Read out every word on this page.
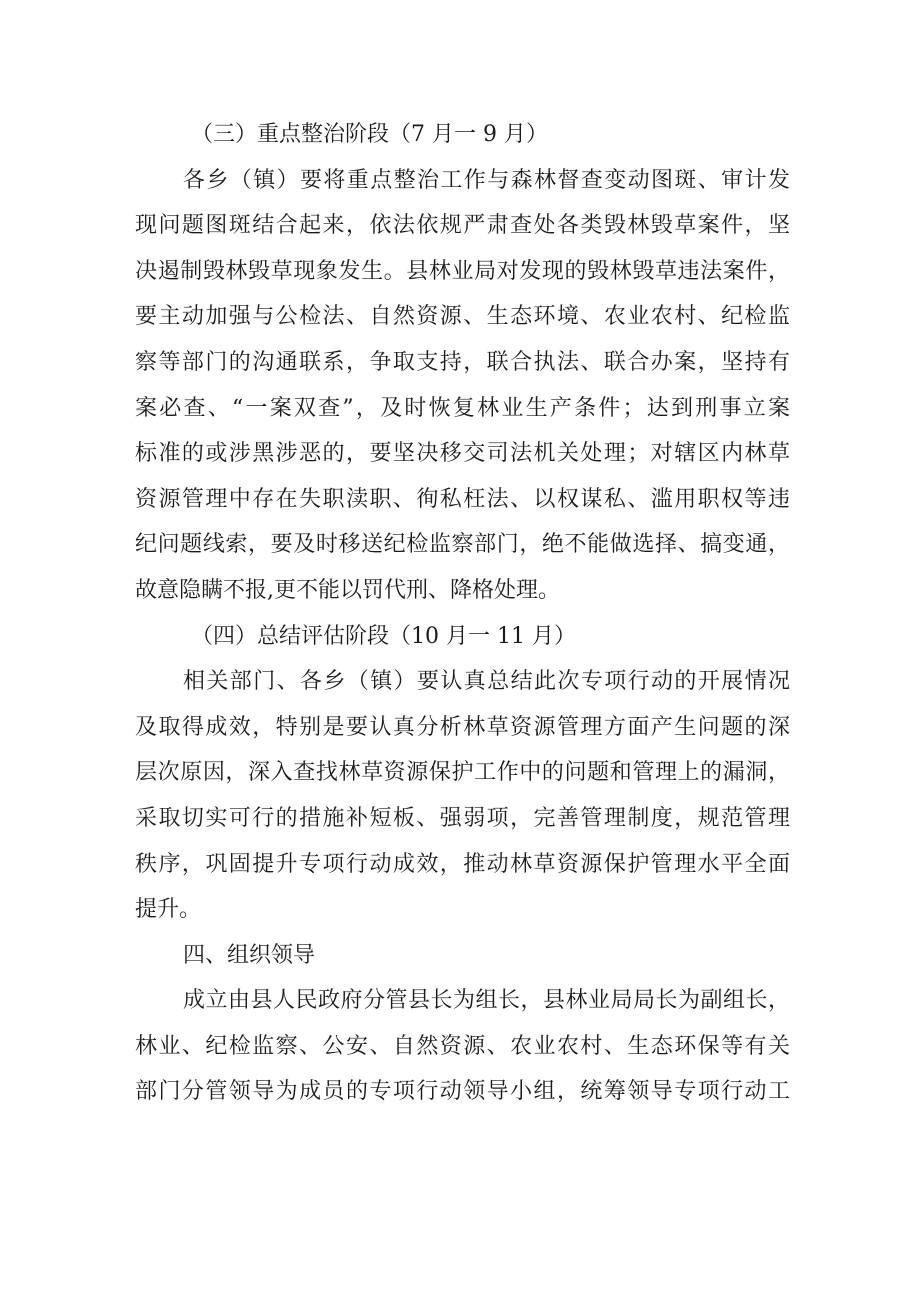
（三）重点整治阶段（7 月一 9 月）
各乡（镇）要将重点整治工作与森林督查变动图斑、审计发
现问题图斑结合起来，依法依规严肃查处各类毁林毁草案件，坚
决遏制毁林毁草现象发生。县林业局对发现的毁林毁草违法案件，
要主动加强与公检法、自然资源、生态环境、农业农村、纪检监
察等部门的沟通联系，争取支持，联合执法、联合办案，坚持有
案必查、“一案双查”，及时恢复林业生产条件；达到刑事立案
标准的或涉黑涉恶的，要坚决移交司法机关处理；对辖区内林草
资源管理中存在失职渎职、徇私枉法、以权谋私、滥用职权等违
纪问题线索，要及时移送纪检监察部门，绝不能做选择、搞变通，
故意隐瞒不报,更不能以罚代刑、降格处理。
（四）总结评估阶段（10 月一 11 月）
相关部门、各乡（镇）要认真总结此次专项行动的开展情况
及取得成效，特别是要认真分析林草资源管理方面产生问题的深
层次原因，深入查找林草资源保护工作中的问题和管理上的漏洞，
采取切实可行的措施补短板、强弱项，完善管理制度，规范管理
秩序，巩固提升专项行动成效，推动林草资源保护管理水平全面
提升。
四、组织领导
成立由县人民政府分管县长为组长，县林业局局长为副组长，
林业、纪检监察、公安、自然资源、农业农村、生态环保等有关
部门分管领导为成员的专项行动领导小组，统筹领导专项行动工
